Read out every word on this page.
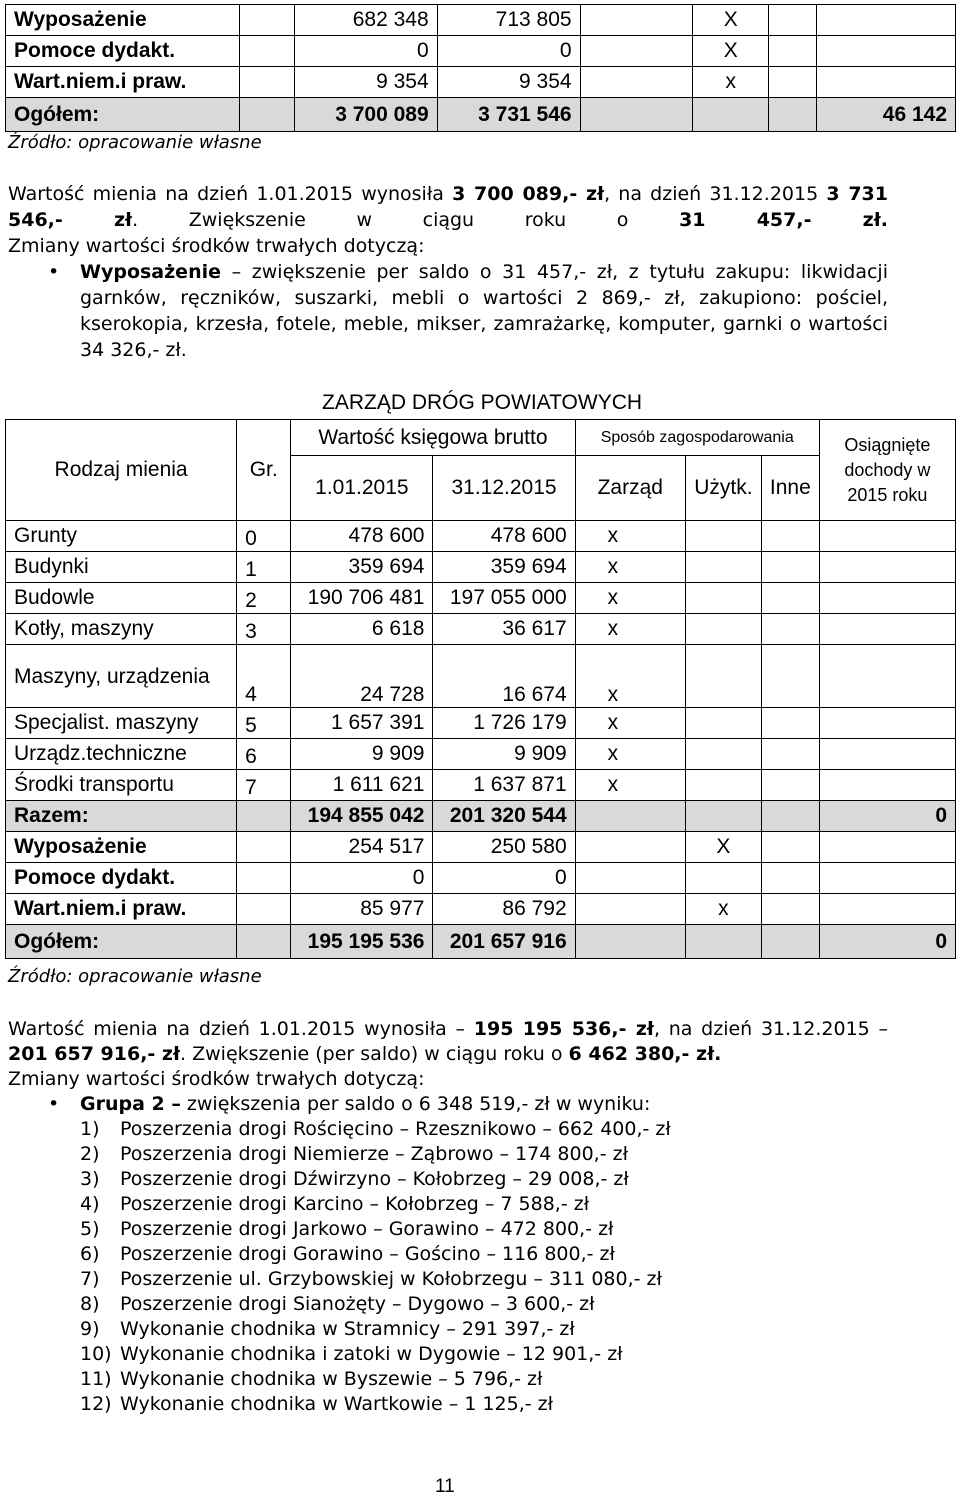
Wyposażenie		682 348	713 805		X		
Pomoce dydakt.		0	0		X		
Wart.niem.i praw.		9 354	9 354		x		
Ogółem:		3 700 089	3 731 546				46 142
Źródło: opracowanie własne
Wartość mienia na dzień 1.01.2015 wynosiła 3 700 089,- zł, na dzień 31.12.2015 3 731 546,- zł. Zwiększenie w ciągu roku o 31 457,- zł.
Zmiany wartości środków trwałych dotyczą:
• Wyposażenie – zwiększenie per saldo o 31 457,- zł, z tytułu zakupu: likwidacji garnków, ręczników, suszarki, mebli o wartości 2 869,- zł, zakupiono: pościel, kserokopia, krzesła, fotele, meble, mikser, zamrażarkę, komputer, garnki o wartości 34 326,- zł.
ZARZĄD DRÓG POWIATOWYCH
Rodzaj mienia	Gr.	Wartość księgowa brutto		Sposób zagospodarowania			Osiągnięte dochody w 2015 roku
		1.01.2015	31.12.2015	Zarząd	Użytk.	Inne	
Grunty	0	478 600	478 600	x			
Budynki	1	359 694	359 694	x			
Budowle	2	190 706 481	197 055 000	x			
Kotły, maszyny	3	6 618	36 617	x			
Maszyny, urządzenia	4	24 728	16 674	x			
Specjalist. maszyny	5	1 657 391	1 726 179	x			
Urządz.techniczne	6	9 909	9 909	x			
Środki transportu	7	1 611 621	1 637 871	x			
Razem:		194 855 042	201 320 544				0
Wyposażenie		254 517	250 580		X		
Pomoce dydakt.		0	0				
Wart.niem.i praw.		85 977	86 792		x		
Ogółem:		195 195 536	201 657 916				0
Źródło: opracowanie własne
Wartość mienia na dzień 1.01.2015 wynosiła – 195 195 536,- zł, na dzień 31.12.2015 – 201 657 916,- zł. Zwiększenie (per saldo) w ciągu roku o 6 462 380,- zł.
Zmiany wartości środków trwałych dotyczą:
• Grupa 2 – zwiększenia per saldo o 6 348 519,- zł w wyniku:
1)	Poszerzenia drogi Rościęcino – Rzesznikowo – 662 400,- zł
2)	Poszerzenia drogi Niemierze – Ząbrowo – 174 800,- zł
3)	Poszerzenie drogi Dźwirzyno – Kołobrzeg – 29 008,- zł
4)	Poszerzenie drogi Karcino – Kołobrzeg – 7 588,- zł
5)	Poszerzenie drogi Jarkowo – Gorawino – 472 800,- zł
6)	Poszerzenie drogi Gorawino – Gościno – 116 800,- zł
7)	Poszerzenie ul. Grzybowskiej w Kołobrzegu – 311 080,- zł
8)	Poszerzenie drogi Sianożęty – Dygowo – 3 600,- zł
9)	Wykonanie chodnika w Stramnicy – 291 397,- zł
10) Wykonanie chodnika i zatoki w Dygowie – 12 901,- zł
11) Wykonanie chodnika w Byszewie – 5 796,- zł
12) Wykonanie chodnika w Wartkowie – 1 125,- zł
11
